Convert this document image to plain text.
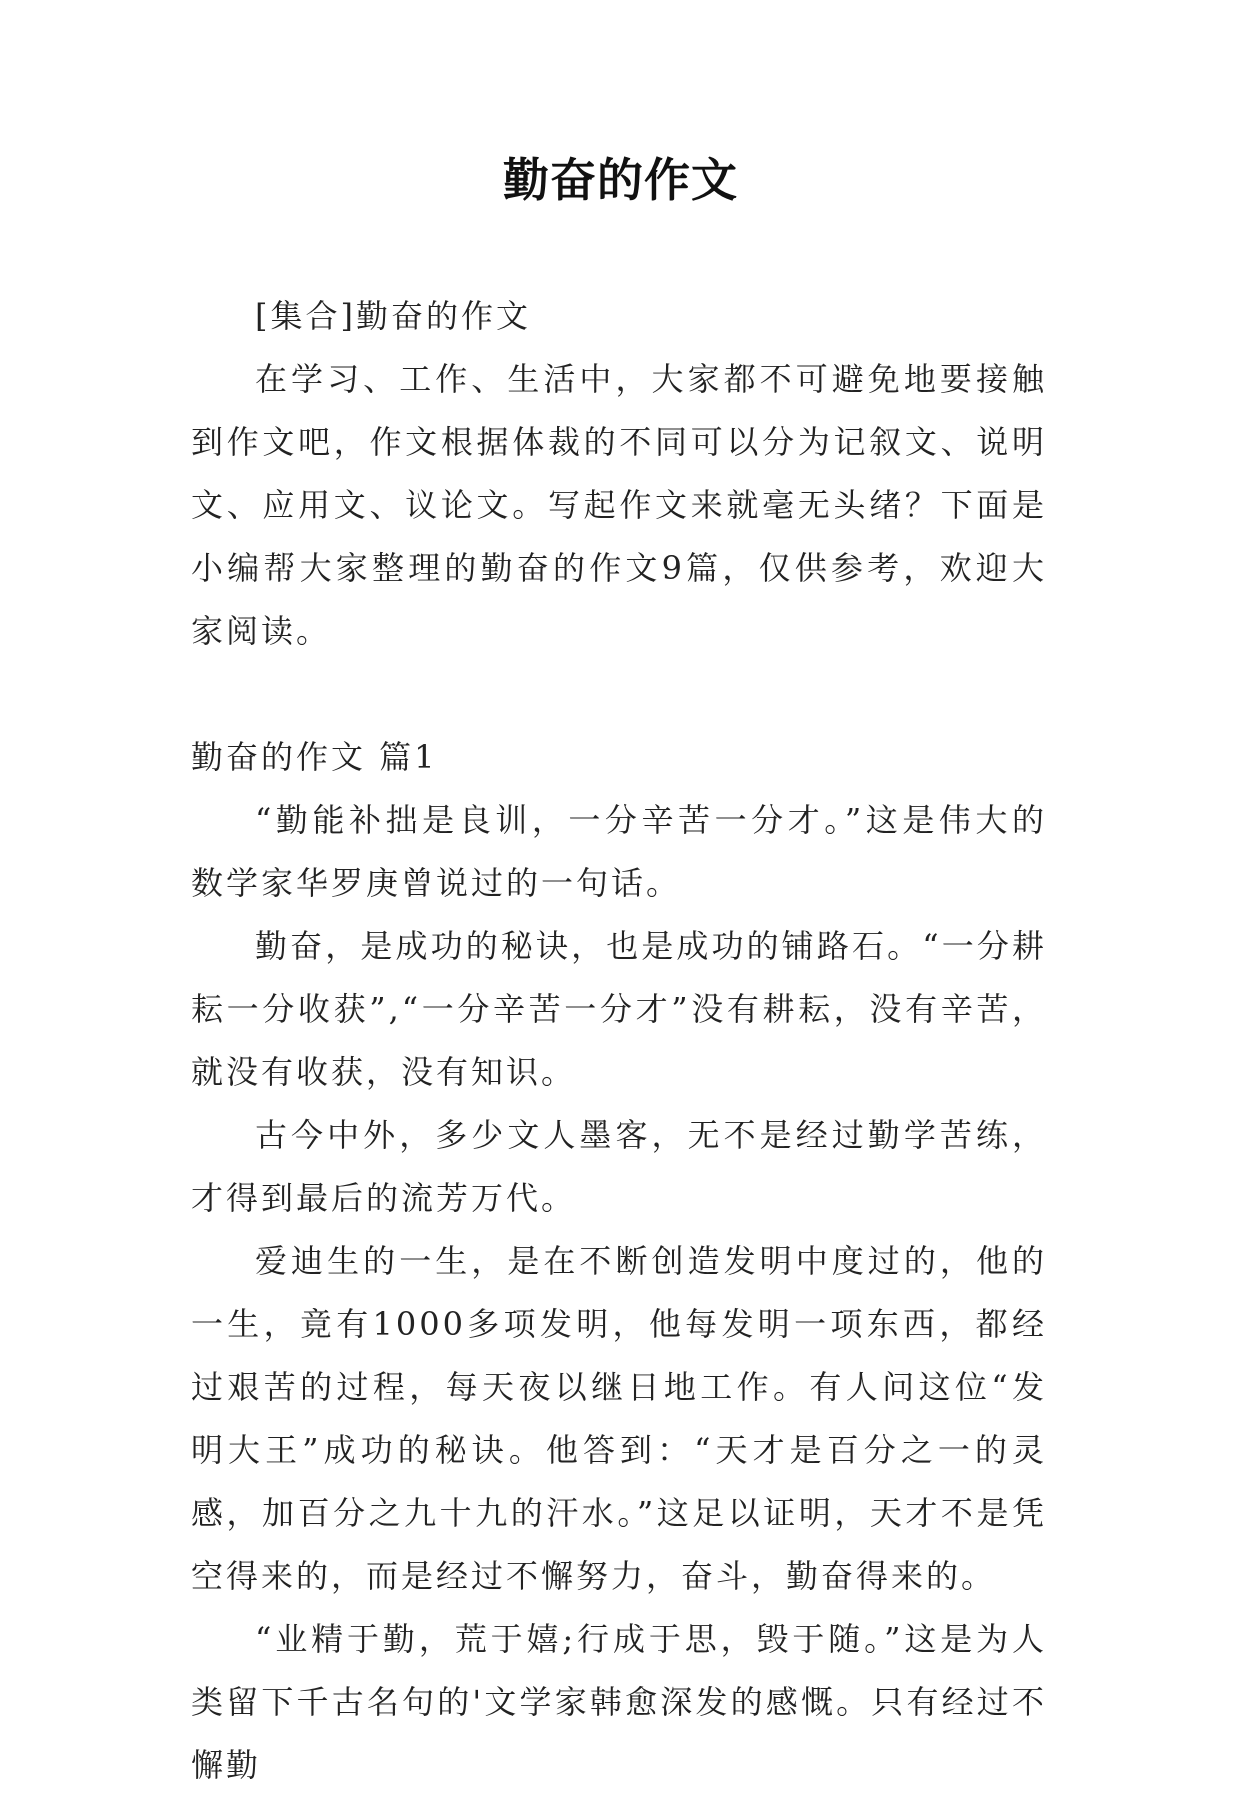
勤奋的作文

[集合]勤奋的作文

在学习、工作、生活中，大家都不可避免地要接触到作文吧，作文根据体裁的不同可以分为记叙文、说明文、应用文、议论文。写起作文来就毫无头绪？下面是小编帮大家整理的勤奋的作文9篇，仅供参考，欢迎大家阅读。

勤奋的作文 篇1

“勤能补拙是良训，一分辛苦一分才。”这是伟大的数学家华罗庚曾说过的一句话。

勤奋，是成功的秘诀，也是成功的铺路石。“一分耕耘一分收获”,“一分辛苦一分才”没有耕耘，没有辛苦，就没有收获，没有知识。

古今中外，多少文人墨客，无不是经过勤学苦练，才得到最后的流芳万代。

爱迪生的一生，是在不断创造发明中度过的，他的一生，竟有1000多项发明，他每发明一项东西，都经过艰苦的过程，每天夜以继日地工作。有人问这位“发明大王”成功的秘诀。他答到：“天才是百分之一的灵感，加百分之九十九的汗水。”这足以证明，天才不是凭空得来的，而是经过不懈努力，奋斗，勤奋得来的。

“业精于勤，荒于嬉;行成于思，毁于随。”这是为人类留下千古名句的'文学家韩愈深发的感慨。只有经过不懈勤
